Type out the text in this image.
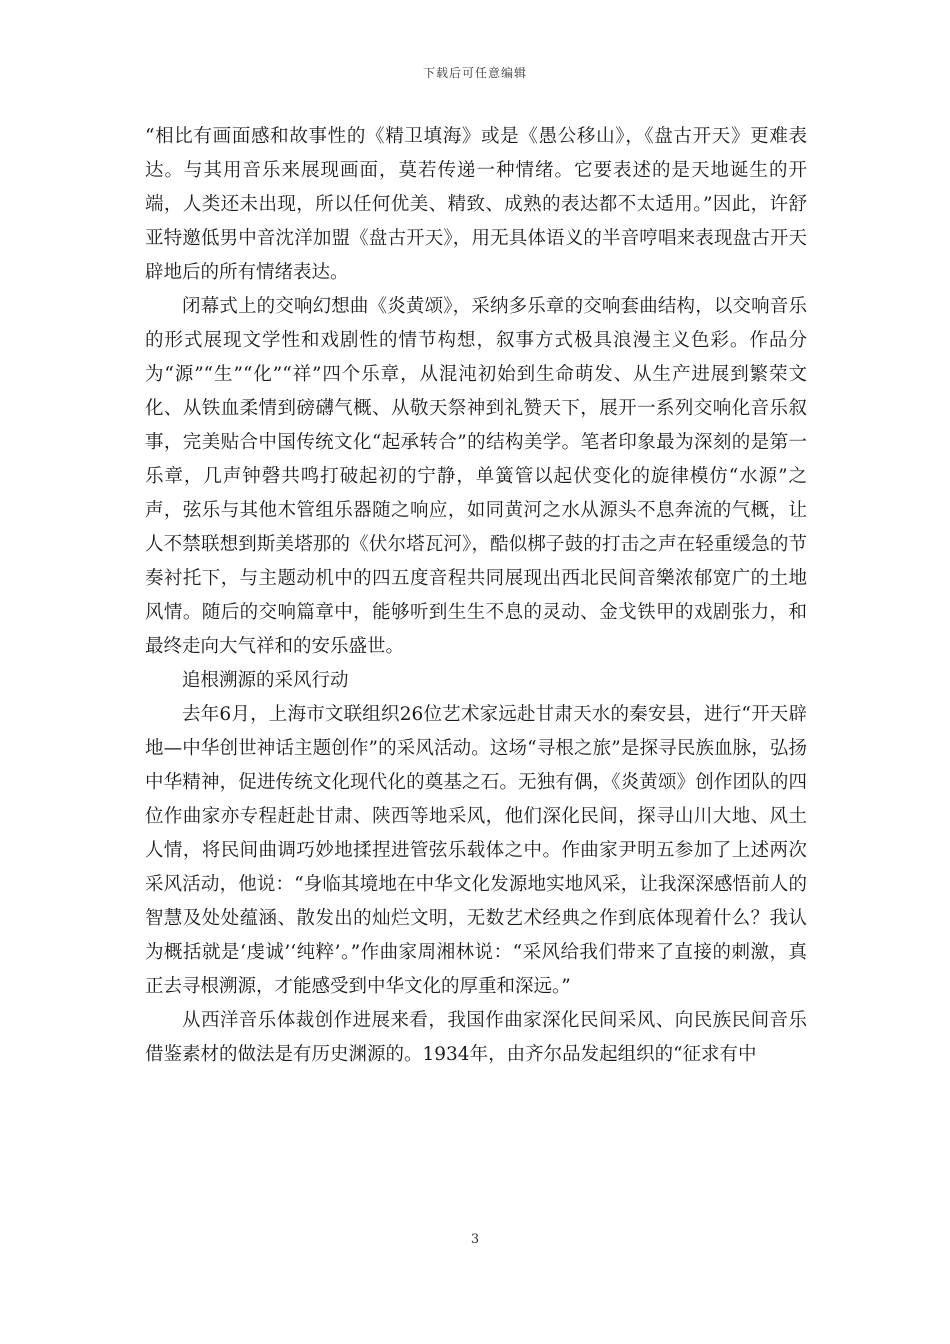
下载后可任意编辑

“相比有画面感和故事性的《精卫填海》或是《愚公移山》，《盘古开天》更难表达。与其用音乐来展现画面，莫若传递一种情绪。它要表述的是天地诞生的开端，人类还未出现，所以任何优美、精致、成熟的表达都不太适用。”因此，许舒亚特邀低男中音沈洋加盟《盘古开天》，用无具体语义的半音哼唱来表现盘古开天辟地后的所有情绪表达。

闭幕式上的交响幻想曲《炎黄颂》，采纳多乐章的交响套曲结构，以交响音乐的形式展现文学性和戏剧性的情节构想，叙事方式极具浪漫主义色彩。作品分为“源”“生”“化”“祥”四个乐章，从混沌初始到生命萌发、从生产进展到繁荣文化、从铁血柔情到磅礴气概、从敬天祭神到礼赞天下，展开一系列交响化音乐叙事，完美贴合中国传统文化“起承转合”的结构美学。笔者印象最为深刻的是第一乐章，几声钟磬共鸣打破起初的宁静，单簧管以起伏变化的旋律模仿“水源”之声，弦乐与其他木管组乐器随之响应，如同黄河之水从源头不息奔流的气概，让人不禁联想到斯美塔那的《伏尔塔瓦河》，酷似梆子鼓的打击之声在轻重缓急的节奏衬托下，与主题动机中的四五度音程共同展现出西北民间音樂浓郁宽广的土地风情。随后的交响篇章中，能够听到生生不息的灵动、金戈铁甲的戏剧张力，和最终走向大气祥和的安乐盛世。

追根溯源的采风行动

去年6月，上海市文联组织26位艺术家远赴甘肃天水的秦安县，进行“开天辟地—中华创世神话主题创作”的采风活动。这场“寻根之旅”是探寻民族血脉，弘扬中华精神，促进传统文化现代化的奠基之石。无独有偶，《炎黄颂》创作团队的四位作曲家亦专程赶赴甘肃、陕西等地采风，他们深化民间，探寻山川大地、风土人情，将民间曲调巧妙地揉捏进管弦乐载体之中。作曲家尹明五参加了上述两次采风活动，他说：“身临其境地在中华文化发源地实地风采，让我深深感悟前人的智慧及处处蕴涵、散发出的灿烂文明，无数艺术经典之作到底体现着什么？我认为概括就是‘虔诚’‘纯粹’。”作曲家周湘林说：“采风给我们带来了直接的刺激，真正去寻根溯源，才能感受到中华文化的厚重和深远。”

从西洋音乐体裁创作进展来看，我国作曲家深化民间采风、向民族民间音乐借鉴素材的做法是有历史渊源的。1934年，由齐尔品发起组织的“征求有中

3
